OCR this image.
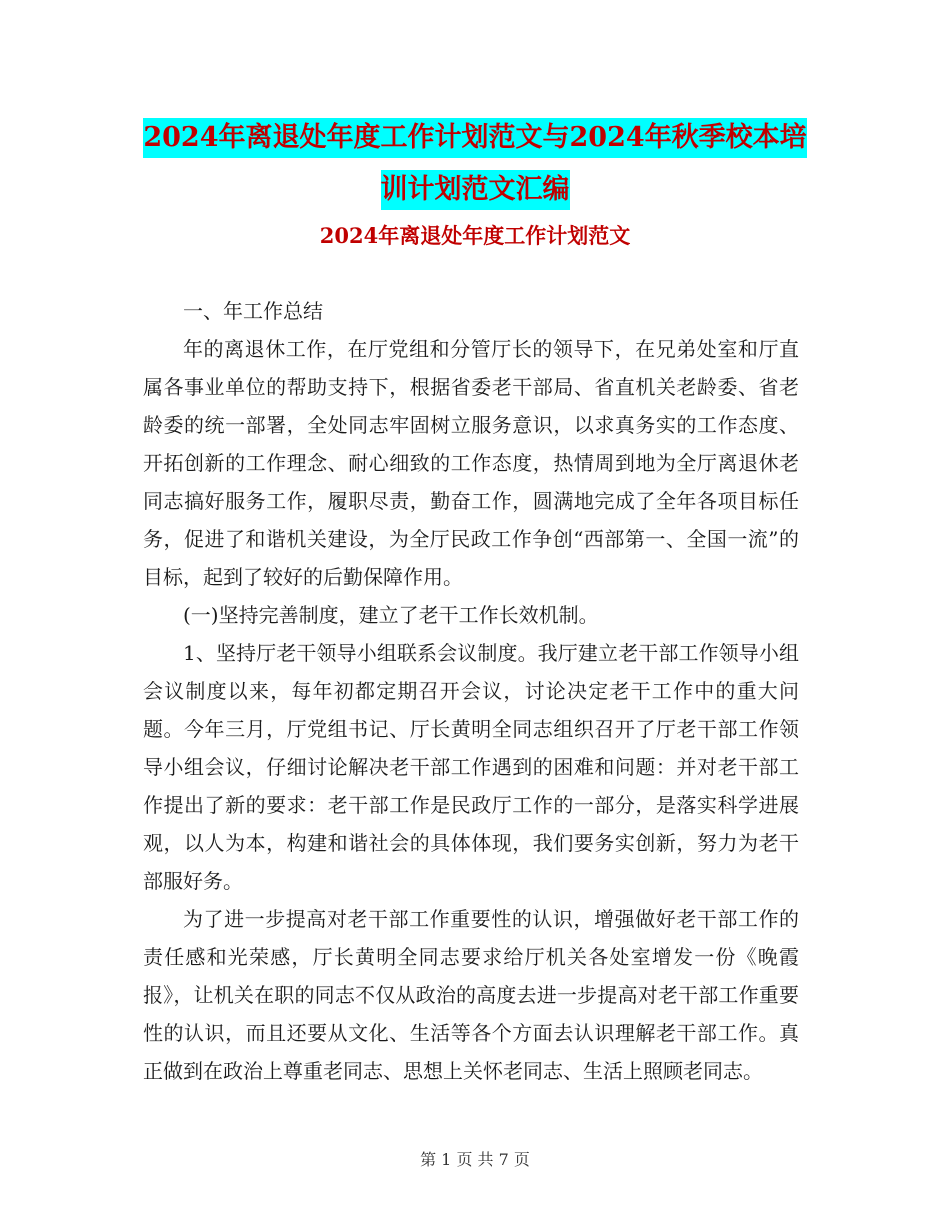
2024年离退处年度工作计划范文与2024年秋季校本培
训计划范文汇编
2024年离退处年度工作计划范文

一、年工作总结

年的离退休工作，在厅党组和分管厅长的领导下，在兄弟处室和厅直属各事业单位的帮助支持下，根据省委老干部局、省直机关老龄委、省老龄委的统一部署，全处同志牢固树立服务意识，以求真务实的工作态度、开拓创新的工作理念、耐心细致的工作态度，热情周到地为全厅离退休老同志搞好服务工作，履职尽责，勤奋工作，圆满地完成了全年各项目标任务，促进了和谐机关建设，为全厅民政工作争创“西部第一、全国一流”的目标，起到了较好的后勤保障作用。

(一)坚持完善制度，建立了老干工作长效机制。

1、坚持厅老干领导小组联系会议制度。我厅建立老干部工作领导小组会议制度以来，每年初都定期召开会议，讨论决定老干工作中的重大问题。今年三月，厅党组书记、厅长黄明全同志组织召开了厅老干部工作领导小组会议，仔细讨论解决老干部工作遇到的困难和问题：并对老干部工作提出了新的要求：老干部工作是民政厅工作的一部分，是落实科学进展观，以人为本，构建和谐社会的具体体现，我们要务实创新，努力为老干部服好务。

为了进一步提高对老干部工作重要性的认识，增强做好老干部工作的责任感和光荣感，厅长黄明全同志要求给厅机关各处室增发一份《晚霞报》，让机关在职的同志不仅从政治的高度去进一步提高对老干部工作重要性的认识，而且还要从文化、生活等各个方面去认识理解老干部工作。真正做到在政治上尊重老同志、思想上关怀老同志、生活上照顾老同志。

第 1 页 共 7 页
